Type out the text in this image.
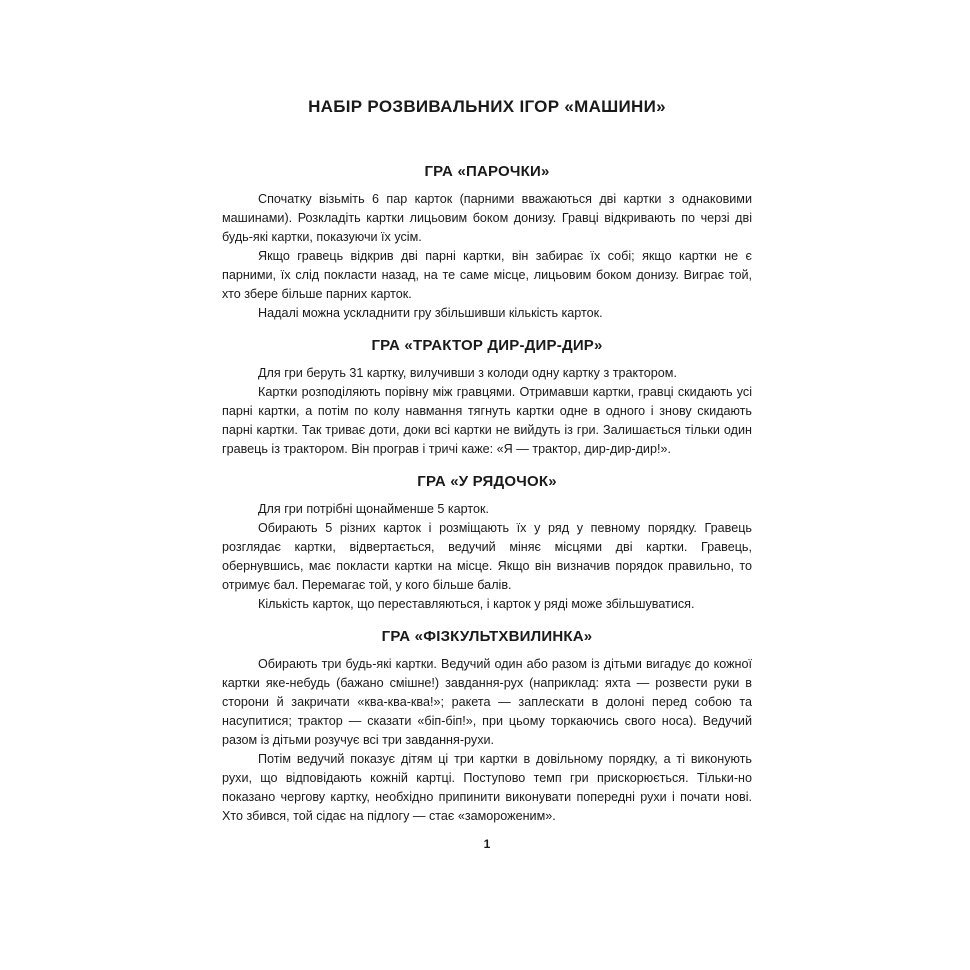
НАБІР РОЗВИВАЛЬНИХ ІГОР «МАШИНИ»
ГРА «ПАРОЧКИ»

Спочатку візьміть 6 пар карток (парними вважаються дві картки з однаковими машинами). Розкладіть картки лицьовим боком донизу. Гравці відкривають по черзі дві будь-які картки, показуючи їх усім.

Якщо гравець відкрив дві парні картки, він забирає їх собі; якщо картки не є парними, їх слід покласти назад, на те саме місце, лицьовим боком донизу. Виграє той, хто збере більше парних карток.

Надалі можна ускладнити гру збільшивши кількість карток.

ГРА «ТРАКТОР ДИР-ДИР-ДИР»

Для гри беруть 31 картку, вилучивши з колоди одну картку з трактором.

Картки розподіляють порівну між гравцями. Отримавши картки, гравці скидають усі парні картки, а потім по колу навмання тягнуть картки одне в одного і знову скидають парні картки. Так триває доти, доки всі картки не вийдуть із гри. Залишається тільки один гравець із трактором. Він програв і тричі каже: «Я — трактор, дир-дир-дир!».

ГРА «У РЯДОЧОК»

Для гри потрібні щонайменше 5 карток.

Обирають 5 різних карток і розміщають їх у ряд у певному порядку. Гравець розглядає картки, відвертається, ведучий міняє місцями дві картки. Гравець, обернувшись, має покласти картки на місце. Якщо він визначив порядок правильно, то отримує бал. Перемагає той, у кого більше балів.

Кількість карток, що переставляються, і карток у ряді може збільшуватися.

ГРА «ФІЗКУЛЬТХВИЛИНКА»

Обирають три будь-які картки. Ведучий один або разом із дітьми вигадує до кожної картки яке-небудь (бажано смішне!) завдання-рух (наприклад: яхта — розвести руки в сторони й закричати «ква-ква-ква!»; ракета — заплескати в долоні перед собою та насупитися; трактор — сказати «біп-біп!», при цьому торкаючись свого носа). Ведучий разом із дітьми розучує всі три завдання-рухи.

Потім ведучий показує дітям ці три картки в довільному порядку, а ті виконують рухи, що відповідають кожній картці. Поступово темп гри прискорюється. Тільки-но показано чергову картку, необхідно припинити виконувати попередні рухи і почати нові. Хто збився, той сідає на підлогу — стає «замороженим».

1
